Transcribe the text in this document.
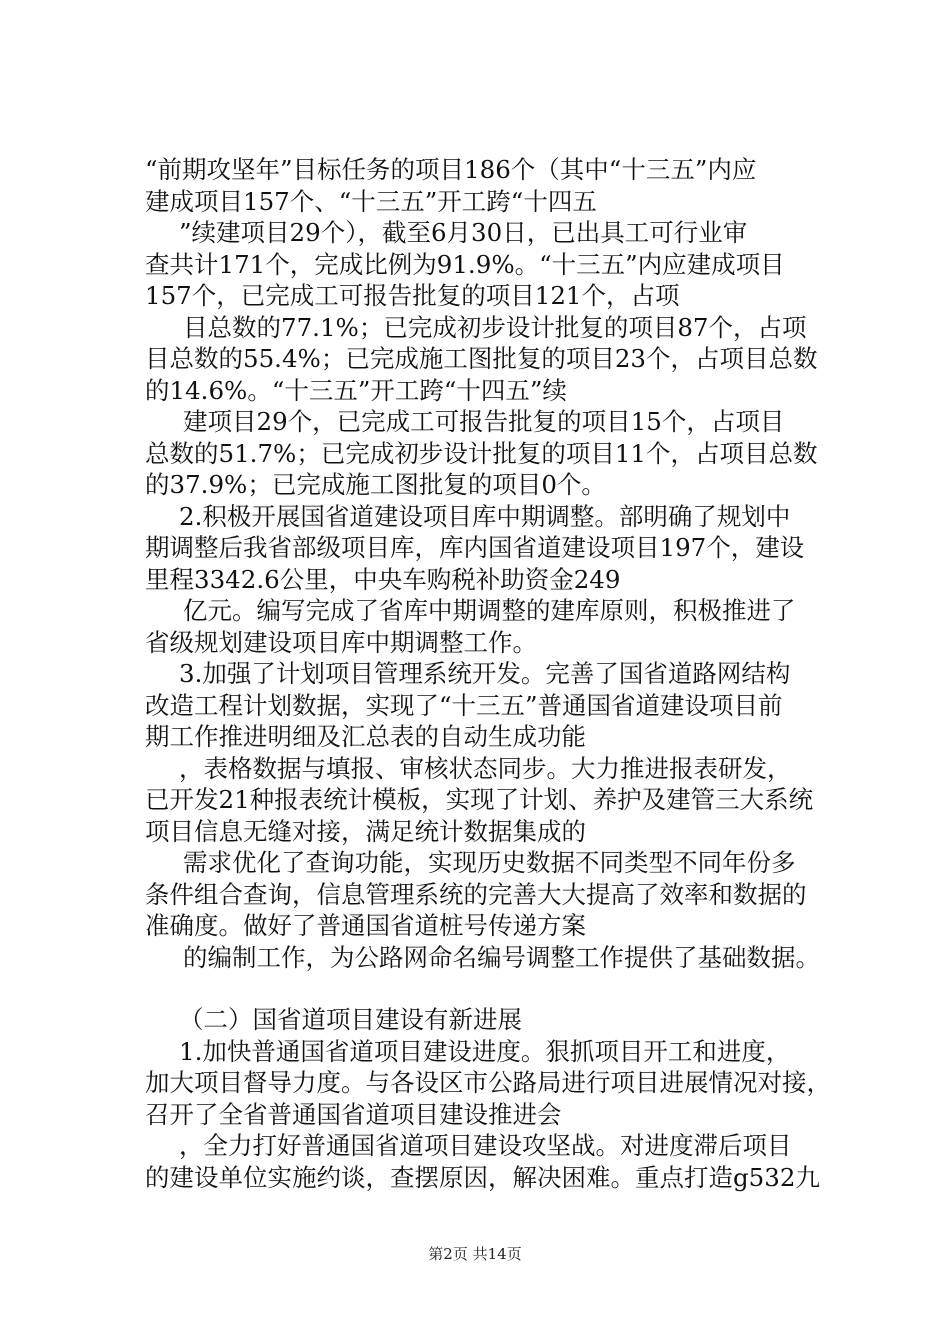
“前期攻坚年”目标任务的项目186个（其中“十三五”内应
建成项目157个、“十三五”开工跨“十四五
”续建项目29个），截至6月30日，已出具工可行业审
查共计171个，完成比例为91.9%。“十三五”内应建成项目
157个，已完成工可报告批复的项目121个，占项
目总数的77.1%；已完成初步设计批复的项目87个，占项
目总数的55.4%；已完成施工图批复的项目23个，占项目总数
的14.6%。“十三五”开工跨“十四五”续
建项目29个，已完成工可报告批复的项目15个，占项目
总数的51.7%；已完成初步设计批复的项目11个，占项目总数
的37.9%；已完成施工图批复的项目0个。
2.积极开展国省道建设项目库中期调整。部明确了规划中
期调整后我省部级项目库，库内国省道建设项目197个，建设
里程3342.6公里，中央车购税补助资金249
亿元。编写完成了省库中期调整的建库原则，积极推进了
省级规划建设项目库中期调整工作。
3.加强了计划项目管理系统开发。完善了国省道路网结构
改造工程计划数据，实现了“十三五”普通国省道建设项目前
期工作推进明细及汇总表的自动生成功能
，表格数据与填报、审核状态同步。大力推进报表研发，
已开发21种报表统计模板，实现了计划、养护及建管三大系统
项目信息无缝对接，满足统计数据集成的
需求优化了查询功能，实现历史数据不同类型不同年份多
条件组合查询，信息管理系统的完善大大提高了效率和数据的
准确度。做好了普通国省道桩号传递方案
的编制工作，为公路网命名编号调整工作提供了基础数据。
（二）国省道项目建设有新进展
1.加快普通国省道项目建设进度。狠抓项目开工和进度，
加大项目督导力度。与各设区市公路局进行项目进展情况对接，
召开了全省普通国省道项目建设推进会
，全力打好普通国省道项目建设攻坚战。对进度滞后项目
的建设单位实施约谈，查摆原因，解决困难。重点打造g532九
第2页 共14页
